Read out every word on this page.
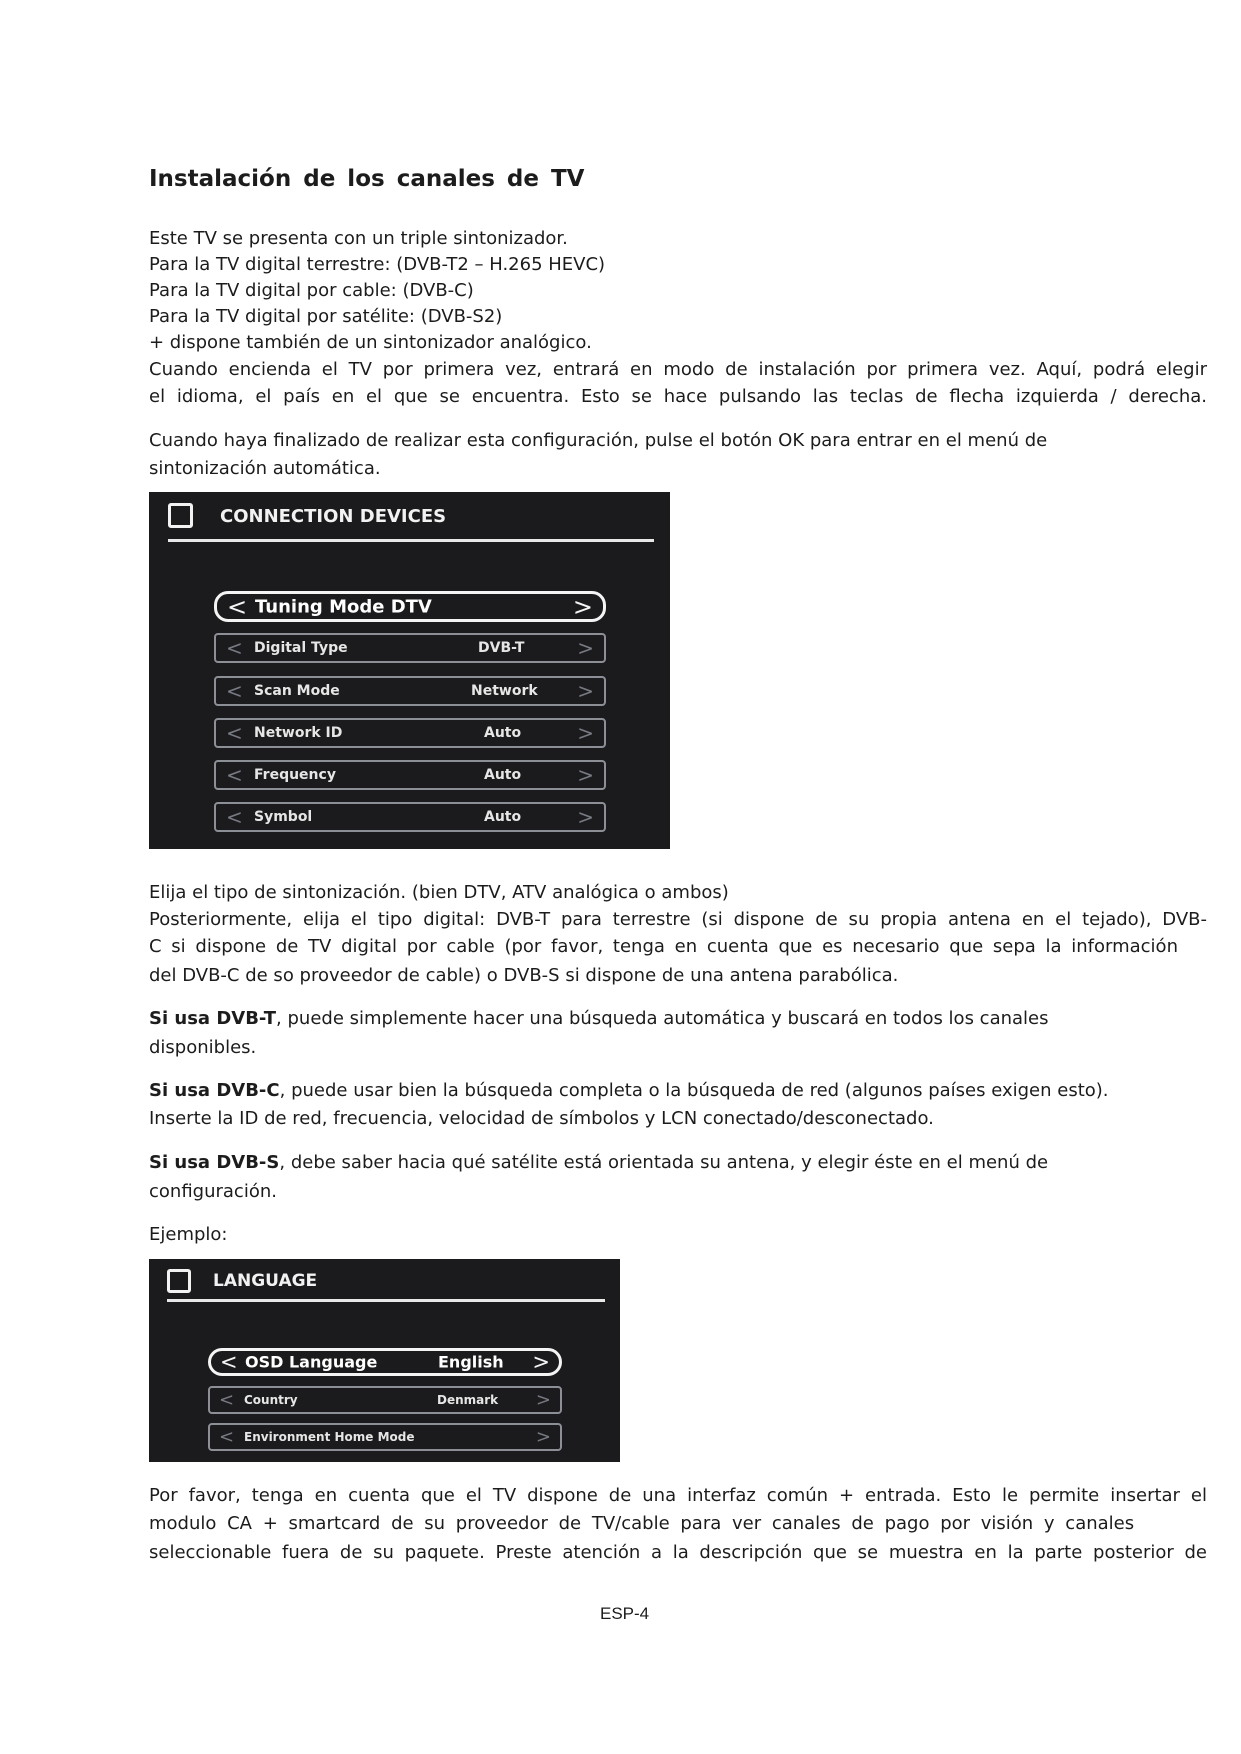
Instalación de los canales de TV

Este TV se presenta con un triple sintonizador.

Para la TV digital terrestre: (DVB-T2 – H.265 HEVC)

Para la TV digital por cable: (DVB-C)

Para la TV digital por satélite: (DVB-S2)

+ dispone también de un sintonizador analógico.

Cuando encienda el TV por primera vez, entrará en modo de instalación por primera vez. Aquí, podrá elegir

el idioma, el país en el que se encuentra. Esto se hace pulsando las teclas de flecha izquierda / derecha.

Cuando haya finalizado de realizar esta configuración, pulse el botón OK para entrar en el menú de

sintonización automática.

CONNECTION DEVICES
< Tuning Mode DTV	>
< Digital Type	DVB-T	>
< Scan Mode	Network >
< Network ID	Auto	>
< Frequency	Auto	>
< Symbol	Auto	>

Elija el tipo de sintonización. (bien DTV, ATV analógica o ambos)

Posteriormente, elija el tipo digital: DVB-T para terrestre (si dispone de su propia antena en el tejado), DVB-

C si dispone de TV digital por cable (por favor, tenga en cuenta que es necesario que sepa la información

del DVB-C de so proveedor de cable) o DVB-S si dispone de una antena parabólica.

Si usa DVB-T, puede simplemente hacer una búsqueda automática y buscará en todos los canales

disponibles.

Si usa DVB-C, puede usar bien la búsqueda completa o la búsqueda de red (algunos países exigen esto).

Inserte la ID de red, frecuencia, velocidad de símbolos y LCN conectado/desconectado.

Si usa DVB-S, debe saber hacia qué satélite está orientada su antena, y elegir éste en el menú de

configuración.

Ejemplo:

LANGUAGE
< OSD Language	English >
< Country	Denmark >
< Environment Home Mode	>

Por favor, tenga en cuenta que el TV dispone de una interfaz común + entrada. Esto le permite insertar el

modulo CA + smartcard de su proveedor de TV/cable para ver canales de pago por visión y canales

seleccionable fuera de su paquete. Preste atención a la descripción que se muestra en la parte posterior de

ESP-4
